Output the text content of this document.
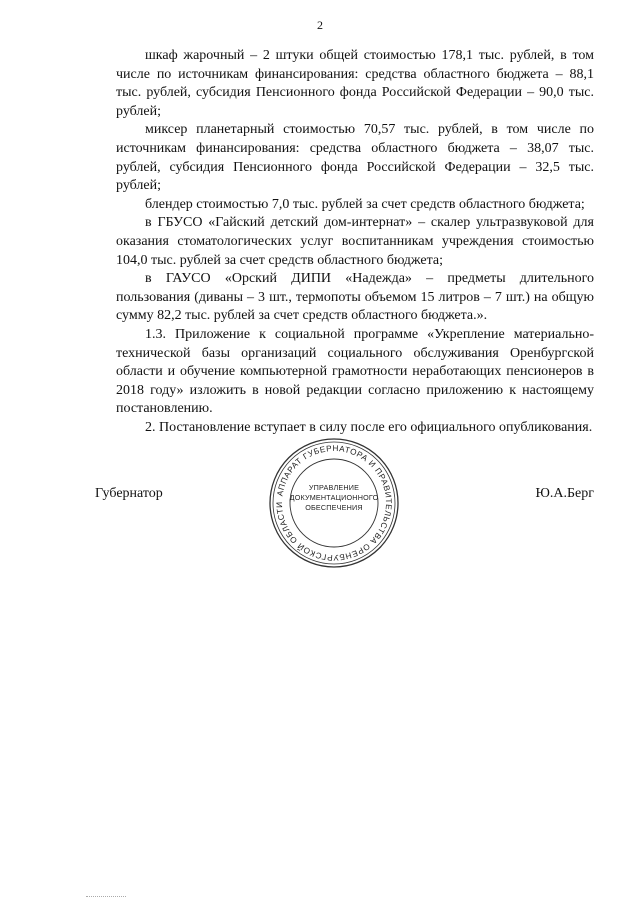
2

шкаф жарочный – 2 штуки общей стоимостью 178,1 тыс. рублей, в том числе по источникам финансирования: средства областного бюджета – 88,1 тыс. рублей, субсидия Пенсионного фонда Российской Федерации – 90,0 тыс. рублей;

миксер планетарный стоимостью 70,57 тыс. рублей, в том числе по источникам финансирования: средства областного бюджета – 38,07 тыс. рублей, субсидия Пенсионного фонда Российской Федерации – 32,5 тыс. рублей;

блендер стоимостью 7,0 тыс. рублей за счет средств областного бюджета;

в ГБУСО «Гайский детский дом-интернат» – скалер ультразвуковой для оказания стоматологических услуг воспитанникам учреждения стоимостью 104,0 тыс. рублей за счет средств областного бюджета;

в ГАУСО «Орский ДИПИ «Надежда» – предметы длительного пользования (диваны – 3 шт., термопоты объемом 15 литров – 7 шт.) на общую сумму 82,2 тыс. рублей за счет средств областного бюджета.».

1.3. Приложение к социальной программе «Укрепление материально-технической базы организаций социального обслуживания Оренбургской области и обучение компьютерной грамотности неработающих пенсионеров в 2018 году» изложить в новой редакции согласно приложению к настоящему постановлению.

2. Постановление вступает в силу после его официального опубликования.

Губернатор	Ю.А.Берг
АППАРАТ ГУБЕРНАТОРА И ПРАВИТЕЛЬСТВА ОРЕНБУРГСКОЙ ОБЛАСТИ
УПРАВЛЕНИЕ
ДОКУМЕНТАЦИОННОГО
ОБЕСПЕЧЕНИЯ
